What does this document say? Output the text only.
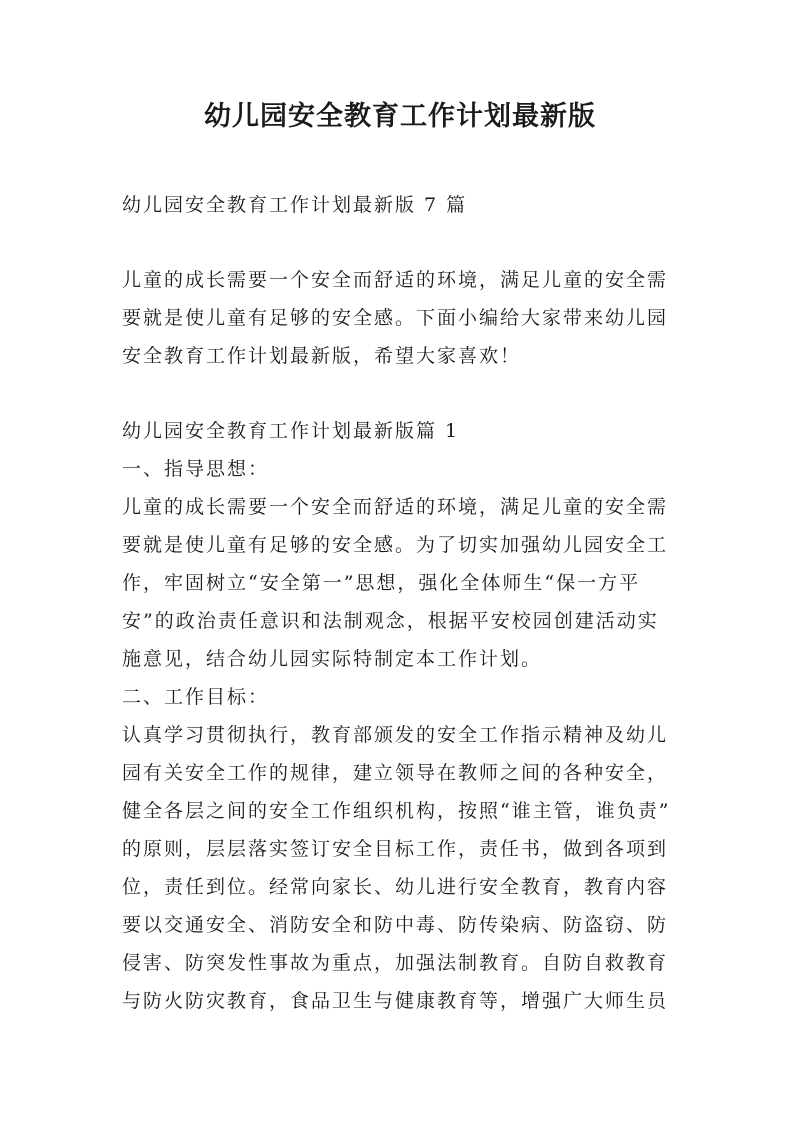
幼儿园安全教育工作计划最新版
幼儿园安全教育工作计划最新版 7 篇
儿童的成长需要一个安全而舒适的环境，满足儿童的安全需
要就是使儿童有足够的安全感。下面小编给大家带来幼儿园
安全教育工作计划最新版，希望大家喜欢！
幼儿园安全教育工作计划最新版篇 1
一、指导思想：
儿童的成长需要一个安全而舒适的环境，满足儿童的安全需
要就是使儿童有足够的安全感。为了切实加强幼儿园安全工
作，牢固树立“安全第一”思想，强化全体师生“保一方平
安”的政治责任意识和法制观念，根据平安校园创建活动实
施意见，结合幼儿园实际特制定本工作计划。
二、工作目标：
认真学习贯彻执行，教育部颁发的安全工作指示精神及幼儿
园有关安全工作的规律，建立领导在教师之间的各种安全，
健全各层之间的安全工作组织机构，按照“谁主管，谁负责”
的原则，层层落实签订安全目标工作，责任书，做到各项到
位，责任到位。经常向家长、幼儿进行安全教育，教育内容
要以交通安全、消防安全和防中毒、防传染病、防盗窃、防
侵害、防突发性事故为重点，加强法制教育。自防自救教育
与防火防灾教育，食品卫生与健康教育等，增强广大师生员
